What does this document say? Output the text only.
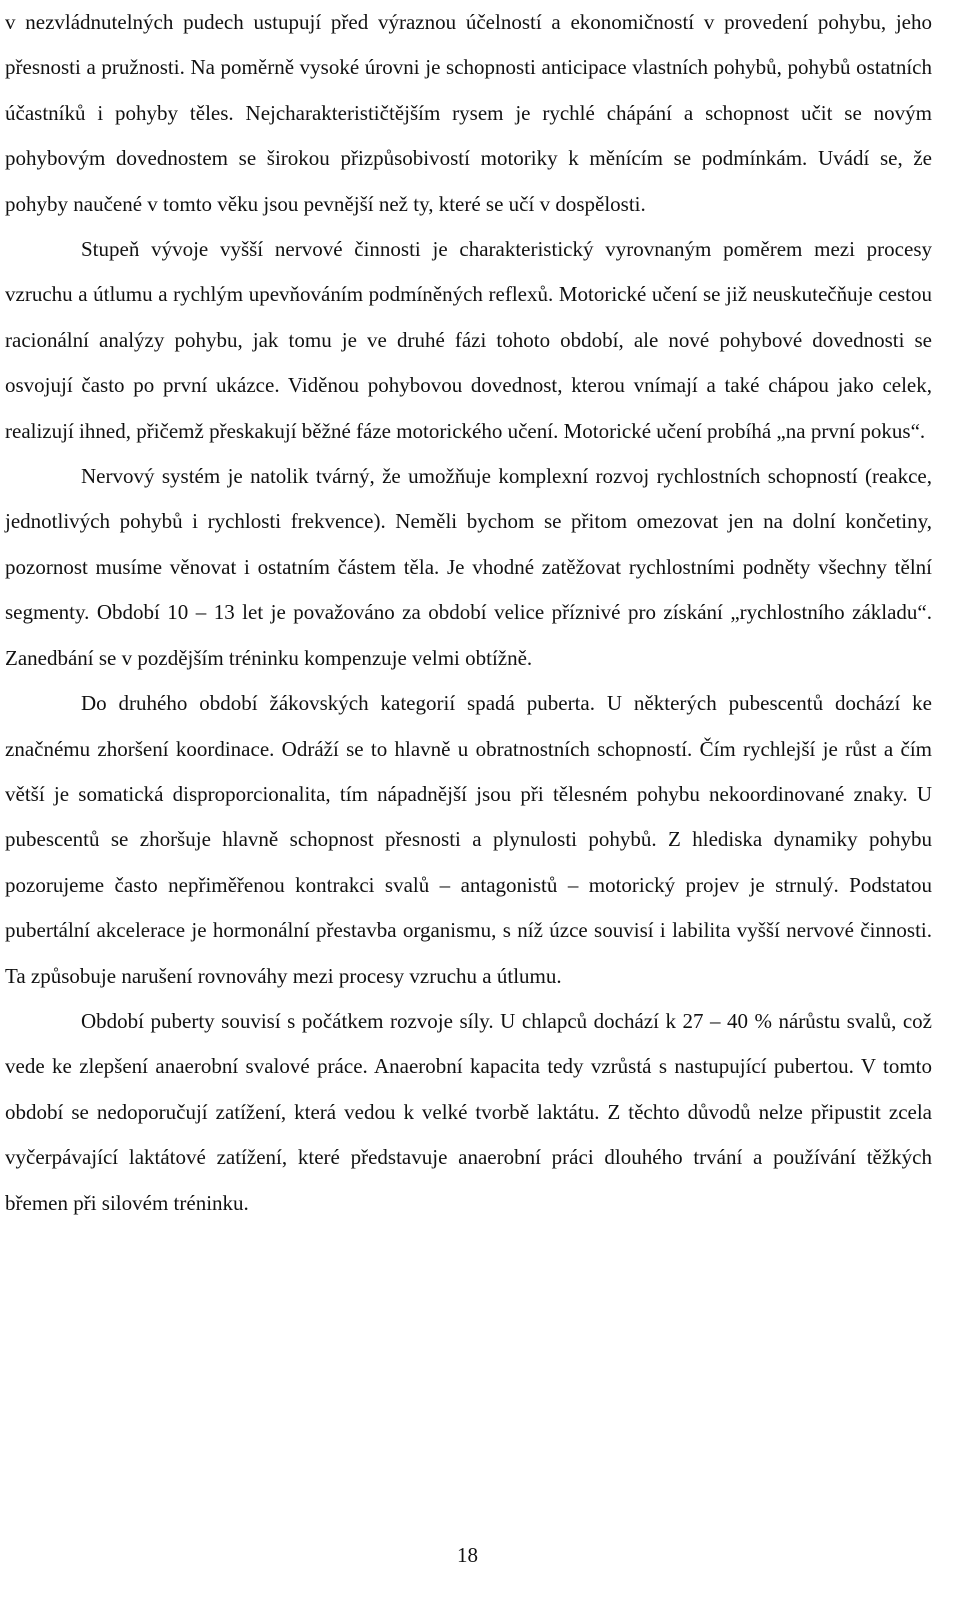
v nezvládnutelných pudech ustupují před výraznou účelností a ekonomičností v provedení pohybu, jeho přesnosti a pružnosti. Na poměrně vysoké úrovni je schopnosti anticipace vlastních pohybů, pohybů ostatních účastníků i pohyby těles. Nejcharakterističtějším rysem je rychlé chápání a schopnost učit se novým pohybovým dovednostem se širokou přizpůsobivostí motoriky k měnícím se podmínkám. Uvádí se, že pohyby naučené v tomto věku jsou pevnější než ty, které se učí v dospělosti.

Stupeň vývoje vyšší nervové činnosti je charakteristický vyrovnaným poměrem mezi procesy vzruchu a útlumu a rychlým upevňováním podmíněných reflexů. Motorické učení se již neuskutečňuje cestou racionální analýzy pohybu, jak tomu je ve druhé fázi tohoto období, ale nové pohybové dovednosti se osvojují často po první ukázce. Viděnou pohybovou dovednost, kterou vnímají a také chápou jako celek, realizují ihned, přičemž přeskakují běžné fáze motorického učení. Motorické učení probíhá „na první pokus“.

Nervový systém je natolik tvárný, že umožňuje komplexní rozvoj rychlostních schopností (reakce, jednotlivých pohybů i rychlosti frekvence). Neměli bychom se přitom omezovat jen na dolní končetiny, pozornost musíme věnovat i ostatním částem těla. Je vhodné zatěžovat rychlostními podněty všechny tělní segmenty. Období 10 – 13 let je považováno za období velice příznivé pro získání „rychlostního základu“. Zanedbání se v pozdějším tréninku kompenzuje velmi obtížně.

Do druhého období žákovských kategorií spadá puberta. U některých pubescentů dochází ke značnému zhoršení koordinace. Odráží se to hlavně u obratnostních schopností. Čím rychlejší je růst a čím větší je somatická disproporcionalita, tím nápadnější jsou při tělesném pohybu nekoordinované znaky. U pubescentů se zhoršuje hlavně schopnost přesnosti a plynulosti pohybů. Z hlediska dynamiky pohybu pozorujeme často nepřiměřenou kontrakci svalů – antagonistů – motorický projev je strnulý. Podstatou pubertální akcelerace je hormonální přestavba organismu, s níž úzce souvisí i labilita vyšší nervové činnosti. Ta způsobuje narušení rovnováhy mezi procesy vzruchu a útlumu.

Období puberty souvisí s počátkem rozvoje síly. U chlapců dochází k 27 – 40 % nárůstu svalů, což vede ke zlepšení anaerobní svalové práce. Anaerobní kapacita tedy vzrůstá s nastupující pubertou. V tomto období se nedoporučují zatížení, která vedou k velké tvorbě laktátu. Z těchto důvodů nelze připustit zcela vyčerpávající laktátové zatížení, které představuje anaerobní práci dlouhého trvání a používání těžkých břemen při silovém tréninku.

18
